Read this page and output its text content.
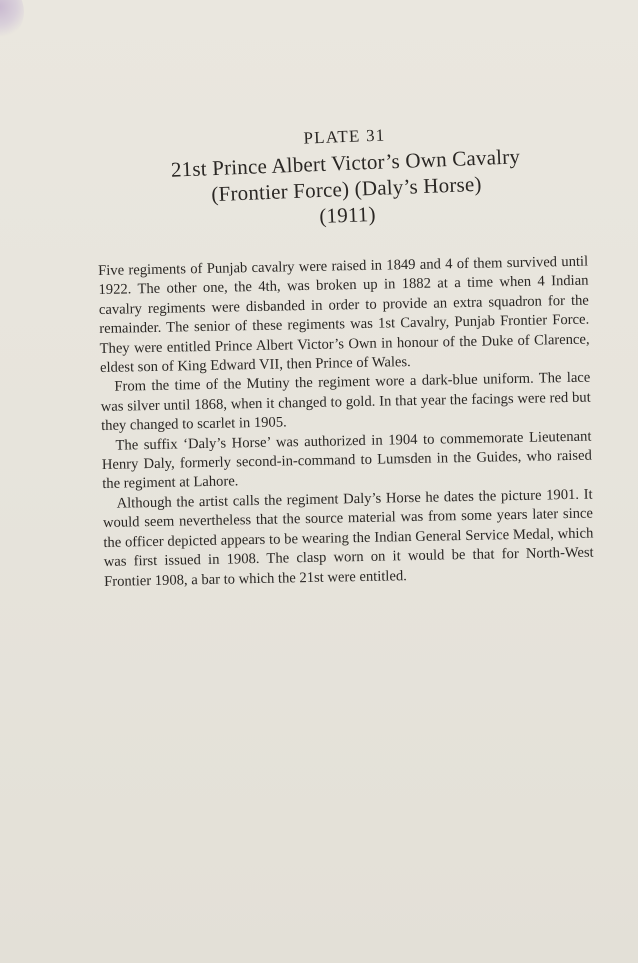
PLATE 31
21st Prince Albert Victor’s Own Cavalry
(Frontier Force) (Daly’s Horse)
(1911)

Five regiments of Punjab cavalry were raised in 1849 and 4 of them survived until 1922. The other one, the 4th, was broken up in 1882 at a time when 4 Indian cavalry regiments were disbanded in order to provide an extra squadron for the remainder. The senior of these regiments was 1st Cavalry, Punjab Frontier Force. They were entitled Prince Albert Victor’s Own in honour of the Duke of Clarence, eldest son of King Edward VII, then Prince of Wales.

From the time of the Mutiny the regiment wore a dark-blue uniform. The lace was silver until 1868, when it changed to gold. In that year the facings were red but they changed to scarlet in 1905.

The suffix ‘Daly’s Horse’ was authorized in 1904 to commemorate Lieutenant Henry Daly, formerly second-in-command to Lumsden in the Guides, who raised the regiment at Lahore.

Although the artist calls the regiment Daly’s Horse he dates the picture 1901. It would seem nevertheless that the source material was from some years later since the officer depicted appears to be wearing the Indian General Service Medal, which was first issued in 1908. The clasp worn on it would be that for North-West Frontier 1908, a bar to which the 21st were entitled.
